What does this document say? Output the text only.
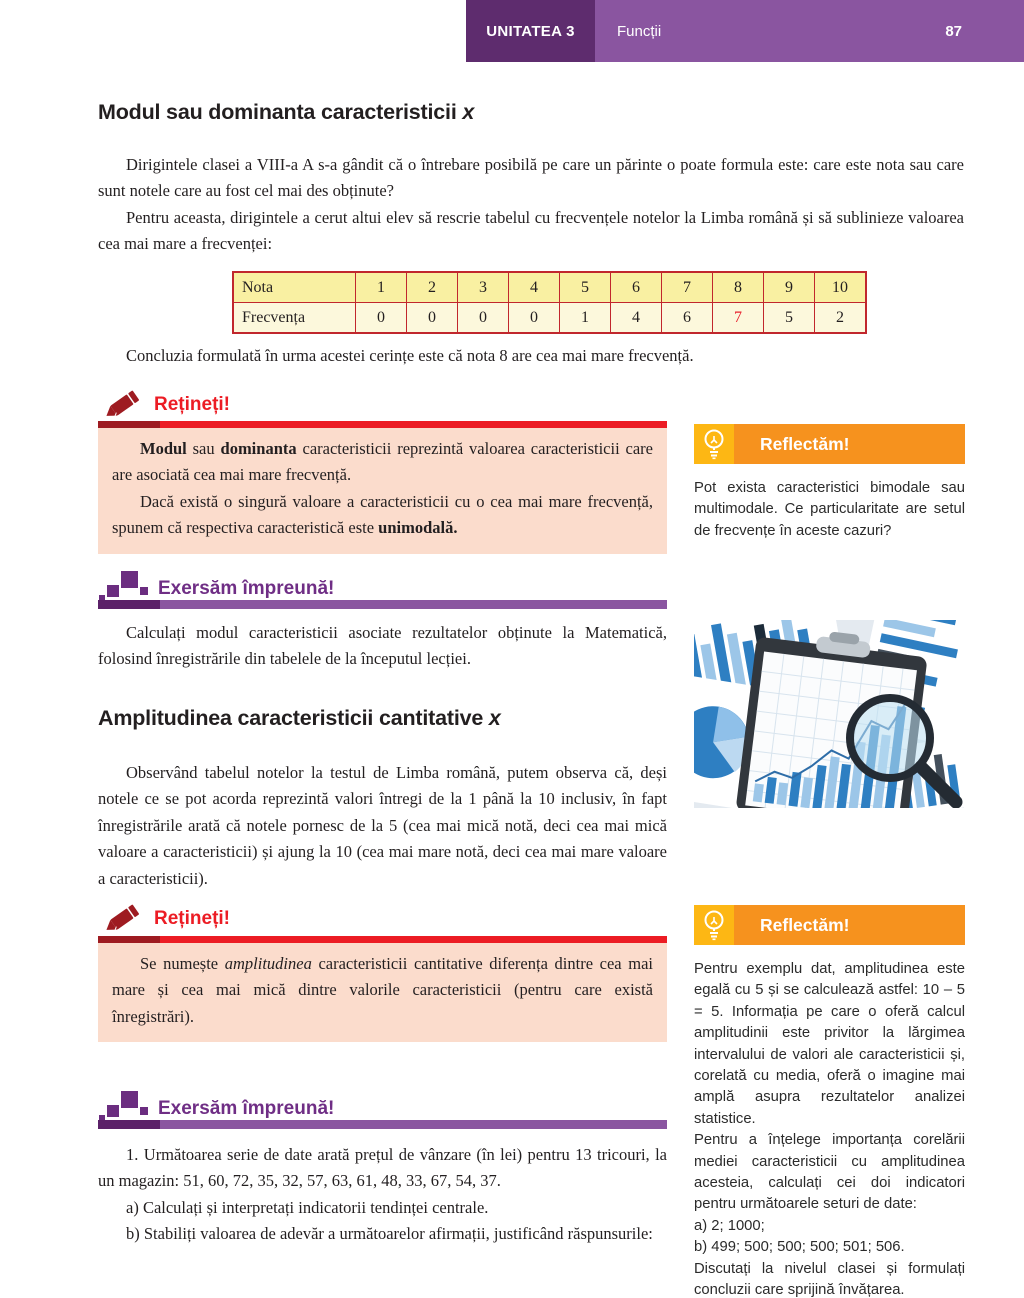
UNITATEA 3	Funcții	87
Modul sau dominanta caracteristicii x

Dirigintele clasei a VIII-a A s-a gândit că o întrebare posibilă pe care un părinte o poate formula este: care este nota sau care sunt notele care au fost cel mai des obținute?

Pentru aceasta, dirigintele a cerut altui elev să rescrie tabelul cu frecvențele notelor la Limba română și să sublinieze valoarea cea mai mare a frecvenței:

Nota	1	2	3	4	5	6	7	8	9	10
Frecvența	0	0	0	0	1	4	6	7	5	2

Concluzia formulată în urma acestei cerințe este că nota 8 are cea mai mare frecvență.

Rețineți!

Modul sau dominanta caracteristicii reprezintă valoarea caracteristicii care are asociată cea mai mare frecvență.

Dacă există o singură valoare a caracteristicii cu o cea mai mare frecvență, spunem că respectiva caracteristică este unimodală.

Reflectăm!

Pot exista caracteristici bimodale sau multimodale. Ce particularitate are setul de frecvențe în aceste cazuri?

Exersăm împreună!

Calculați modul caracteristicii asociate rezultatelor obținute la Matematică, folosind înregistrările din tabelele de la începutul lecției.

Amplitudinea caracteristicii cantitative x

Observând tabelul notelor la testul de Limba română, putem observa că, deși notele ce se pot acorda reprezintă valori întregi de la 1 până la 10 inclusiv, în fapt înregistrările arată că notele pornesc de la 5 (cea mai mică notă, deci cea mai mică valoare a caracteristicii) și ajung la 10 (cea mai mare notă, deci cea mai mare valoare a caracteristicii).

Rețineți!

Se numește amplitudinea caracteristicii cantitative diferența dintre cea mai mare și cea mai mică dintre valorile caracteristicii (pentru care există înregistrări).

Reflectăm!

Pentru exemplu dat, amplitudinea este egală cu 5 și se calculează astfel: 10 – 5 = 5. Informația pe care o oferă calcul amplitudinii este privitor la lărgimea intervalului de valori ale caracteristicii și, corelată cu media, oferă o imagine mai amplă asupra rezultatelor analizei statistice.

Pentru a înțelege importanța corelării mediei caracteristicii cu amplitudinea acesteia, calculați cei doi indicatori pentru următoarele seturi de date:

a) 2; 1000;

b) 499; 500; 500; 500; 501; 506.

Discutați la nivelul clasei și formulați concluzii care sprijină învățarea.

Exersăm împreună!

1. Următoarea serie de date arată prețul de vânzare (în lei) pentru 13 tricouri, la un magazin: 51, 60, 72, 35, 32, 57, 63, 61, 48, 33, 67, 54, 37.

a) Calculați și interpretați indicatorii tendinței centrale.

b) Stabiliți valoarea de adevăr a următoarelor afirmații, justificând răspunsurile:
